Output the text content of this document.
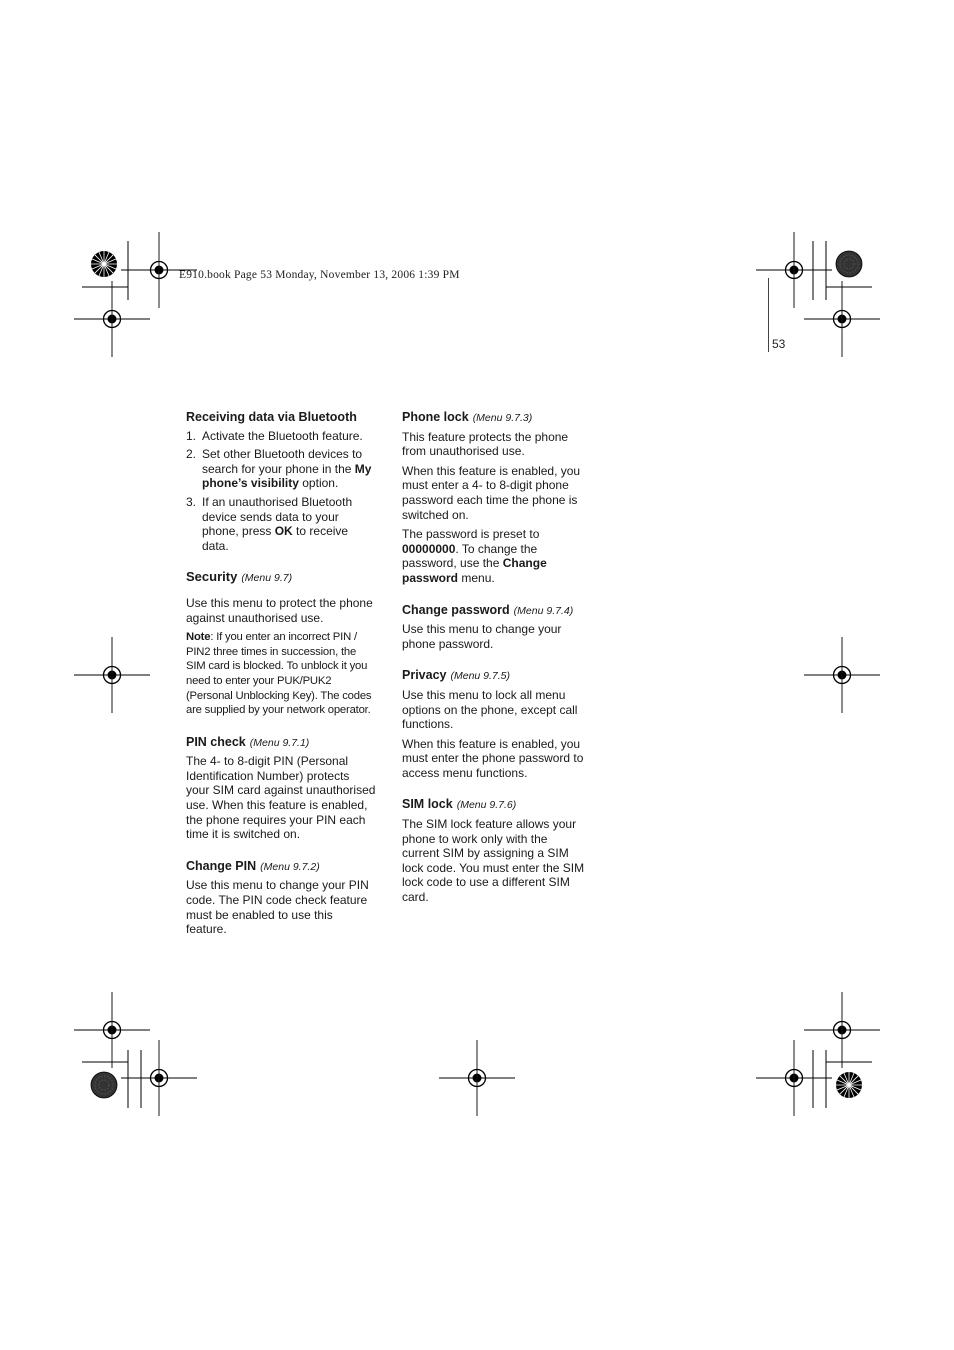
E910.book Page 53 Monday, November 13, 2006 1:39 PM
53
Receiving data via Bluetooth
1. Activate the Bluetooth feature.
2. Set other Bluetooth devices to search for your phone in the My phone’s visibility option.
3. If an unauthorised Bluetooth device sends data to your phone, press OK to receive data.
Security (Menu 9.7)

Use this menu to protect the phone against unauthorised use.

Note: If you enter an incorrect PIN / PIN2 three times in succession, the SIM card is blocked. To unblock it you need to enter your PUK/PUK2 (Personal Unblocking Key). The codes are supplied by your network operator.

PIN check (Menu 9.7.1)

The 4- to 8-digit PIN (Personal Identification Number) protects your SIM card against unauthorised use. When this feature is enabled, the phone requires your PIN each time it is switched on.

Change PIN (Menu 9.7.2)

Use this menu to change your PIN code. The PIN code check feature must be enabled to use this feature.

Phone lock (Menu 9.7.3)

This feature protects the phone from unauthorised use.

When this feature is enabled, you must enter a 4- to 8-digit phone password each time the phone is switched on.

The password is preset to 00000000. To change the password, use the Change password menu.

Change password (Menu 9.7.4)

Use this menu to change your phone password.

Privacy (Menu 9.7.5)

Use this menu to lock all menu options on the phone, except call functions.

When this feature is enabled, you must enter the phone password to access menu functions.

SIM lock (Menu 9.7.6)

The SIM lock feature allows your phone to work only with the current SIM by assigning a SIM lock code. You must enter the SIM lock code to use a different SIM card.
